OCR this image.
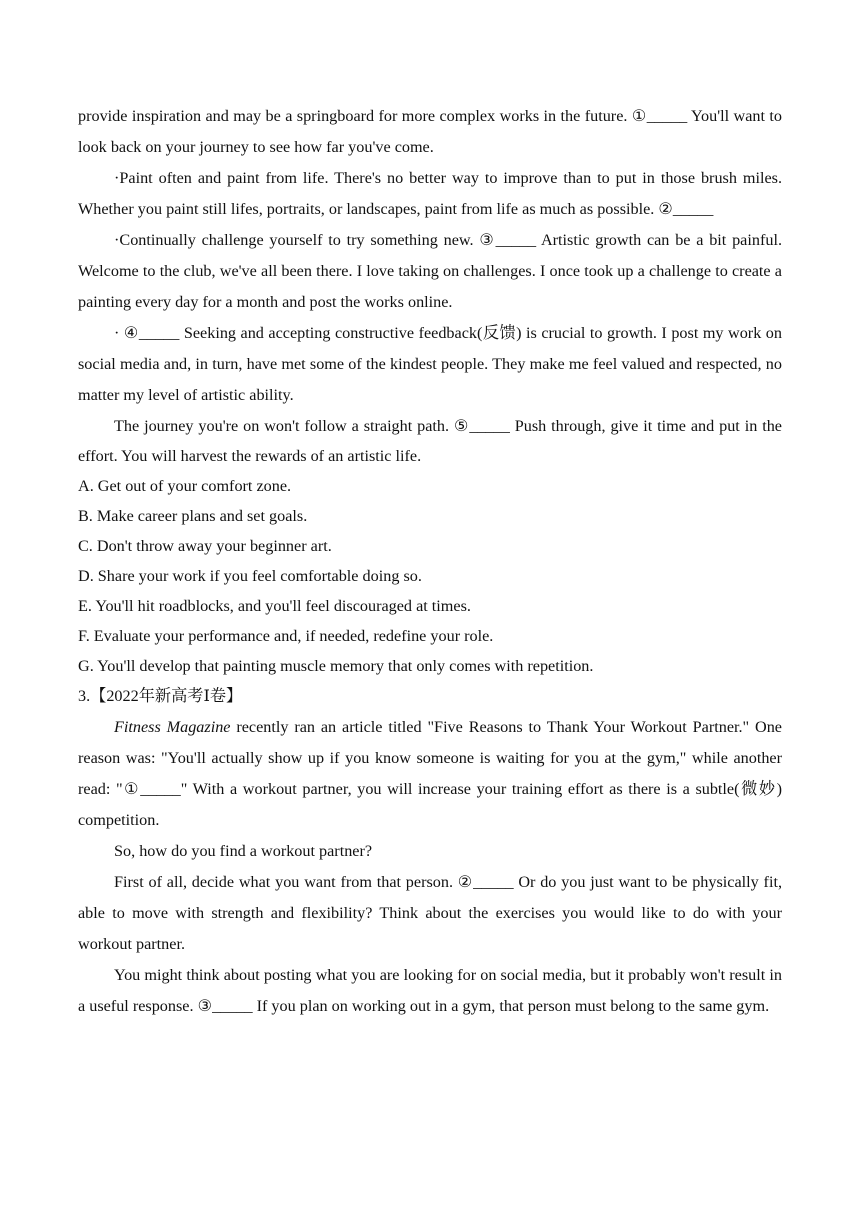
provide inspiration and may be a springboard for more complex works in the future. ①_____ You'll want to look back on your journey to see how far you've come.

·Paint often and paint from life. There's no better way to improve than to put in those brush miles. Whether you paint still lifes, portraits, or landscapes, paint from life as much as possible. ②_____

·Continually challenge yourself to try something new. ③_____ Artistic growth can be a bit painful. Welcome to the club, we've all been there. I love taking on challenges. I once took up a challenge to create a painting every day for a month and post the works online.

· ④_____ Seeking and accepting constructive feedback(反馈) is crucial to growth. I post my work on social media and, in turn, have met some of the kindest people. They make me feel valued and respected, no matter my level of artistic ability.

The journey you're on won't follow a straight path. ⑤_____ Push through, give it time and put in the effort. You will harvest the rewards of an artistic life.

A. Get out of your comfort zone.

B. Make career plans and set goals.

C. Don't throw away your beginner art.

D. Share your work if you feel comfortable doing so.

E. You'll hit roadblocks, and you'll feel discouraged at times.

F. Evaluate your performance and, if needed, redefine your role.

G. You'll develop that painting muscle memory that only comes with repetition.

3.【2022年新高考Ⅰ卷】

Fitness Magazine recently ran an article titled "Five Reasons to Thank Your Workout Partner." One reason was: "You'll actually show up if you know someone is waiting for you at the gym," while another read: "①_____" With a workout partner, you will increase your training effort as there is a subtle(微妙) competition.

So, how do you find a workout partner?

First of all, decide what you want from that person. ②_____ Or do you just want to be physically fit, able to move with strength and flexibility? Think about the exercises you would like to do with your workout partner.

You might think about posting what you are looking for on social media, but it probably won't result in a useful response. ③_____ If you plan on working out in a gym, that person must belong to the same gym.
